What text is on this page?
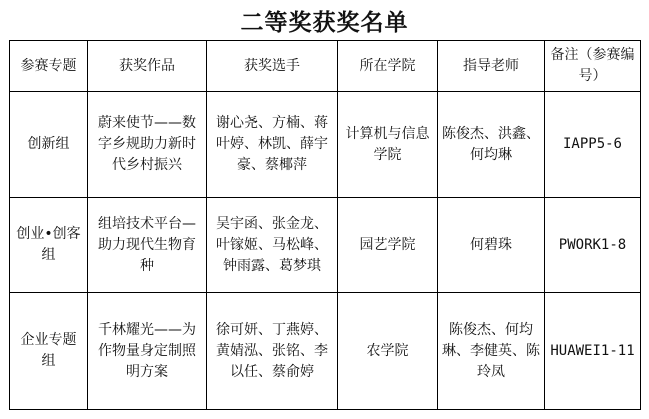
二等奖获奖名单
参赛专题	获奖作品	获奖选手	所在学院	指导老师	备注（参赛编号）
创新组	蔚来使节——数字乡规助力新时代乡村振兴	谢心尧、方楠、蒋叶婷、林凯、薛宇豪、蔡椰萍	计算机与信息学院	陈俊杰、洪鑫、何均琳	IAPP5-6
创业•创客组	组培技术平台—助力现代生物育种	吴宇函、张金龙、叶镓姬、马松峰、钟雨露、葛梦琪	园艺学院	何碧珠	PWORK1-8
企业专题组	千林耀光——为作物量身定制照明方案	徐可妍、丁燕婷、黄婧泓、张铭、李以任、蔡俞婷	农学院	陈俊杰、何均琳、李健英、陈玲凤	HUAWEI1-11
